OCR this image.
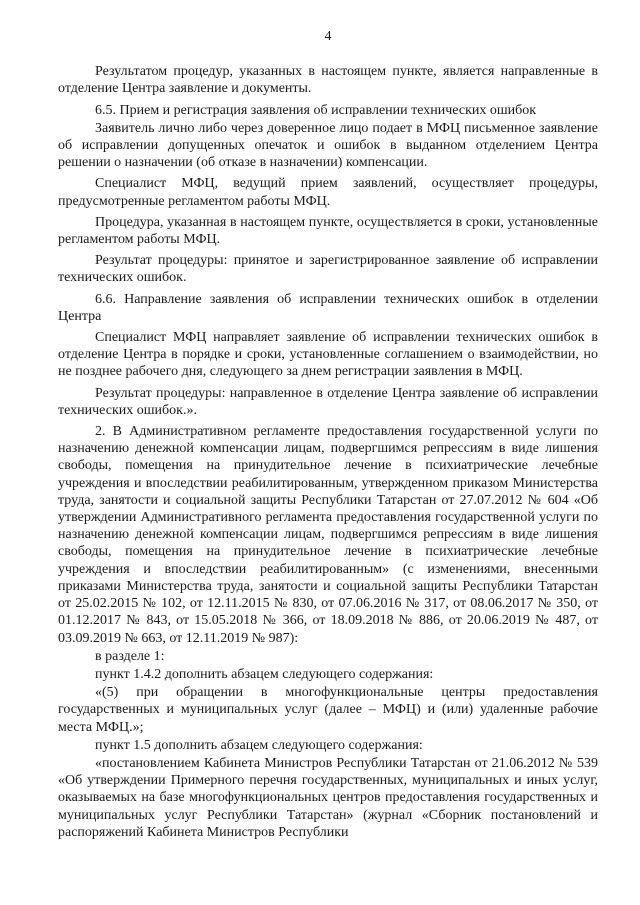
4

Результатом процедур, указанных в настоящем пункте, является направленные в отделение Центра заявление и документы.

6.5. Прием и регистрация заявления об исправлении технических ошибок

Заявитель лично либо через доверенное лицо подает в МФЦ письменное заявление об исправлении допущенных опечаток и ошибок в выданном отделением Центра решении о назначении (об отказе в назначении) компенсации.

Специалист МФЦ, ведущий прием заявлений, осуществляет процедуры, предусмотренные регламентом работы МФЦ.

Процедура, указанная в настоящем пункте, осуществляется в сроки, установленные регламентом работы МФЦ.

Результат процедуры: принятое и зарегистрированное заявление об исправлении технических ошибок.

6.6. Направление заявления об исправлении технических ошибок в отделении Центра

Специалист МФЦ направляет заявление об исправлении технических ошибок в отделение Центра в порядке и сроки, установленные соглашением о взаимодействии, но не позднее рабочего дня, следующего за днем регистрации заявления в МФЦ.

Результат процедуры: направленное в отделение Центра заявление об исправлении технических ошибок.».

2. В Административном регламенте предоставления государственной услуги по назначению денежной компенсации лицам, подвергшимся репрессиям в виде лишения свободы, помещения на принудительное лечение в психиатрические лечебные учреждения и впоследствии реабилитированным, утвержденном приказом Министерства труда, занятости и социальной защиты Республики Татарстан от 27.07.2012 № 604 «Об утверждении Административного регламента предоставления государственной услуги по назначению денежной компенсации лицам, подвергшимся репрессиям в виде лишения свободы, помещения на принудительное лечение в психиатрические лечебные учреждения и впоследствии реабилитированным» (с изменениями, внесенными приказами Министерства труда, занятости и социальной защиты Республики Татарстан от 25.02.2015 № 102, от 12.11.2015 № 830, от 07.06.2016 № 317, от 08.06.2017 № 350, от 01.12.2017 № 843, от 15.05.2018 № 366, от 18.09.2018 № 886, от 20.06.2019 № 487, от 03.09.2019 № 663, от 12.11.2019 № 987):

в разделе 1:

пункт 1.4.2 дополнить абзацем следующего содержания:

«(5) при обращении в многофункциональные центры предоставления государственных и муниципальных услуг (далее – МФЦ) и (или) удаленные рабочие места МФЦ.»;

пункт 1.5 дополнить абзацем следующего содержания:

«постановлением Кабинета Министров Республики Татарстан от 21.06.2012 № 539 «Об утверждении Примерного перечня государственных, муниципальных и иных услуг, оказываемых на базе многофункциональных центров предоставления государственных и муниципальных услуг Республики Татарстан» (журнал «Сборник постановлений и распоряжений Кабинета Министров Республики
